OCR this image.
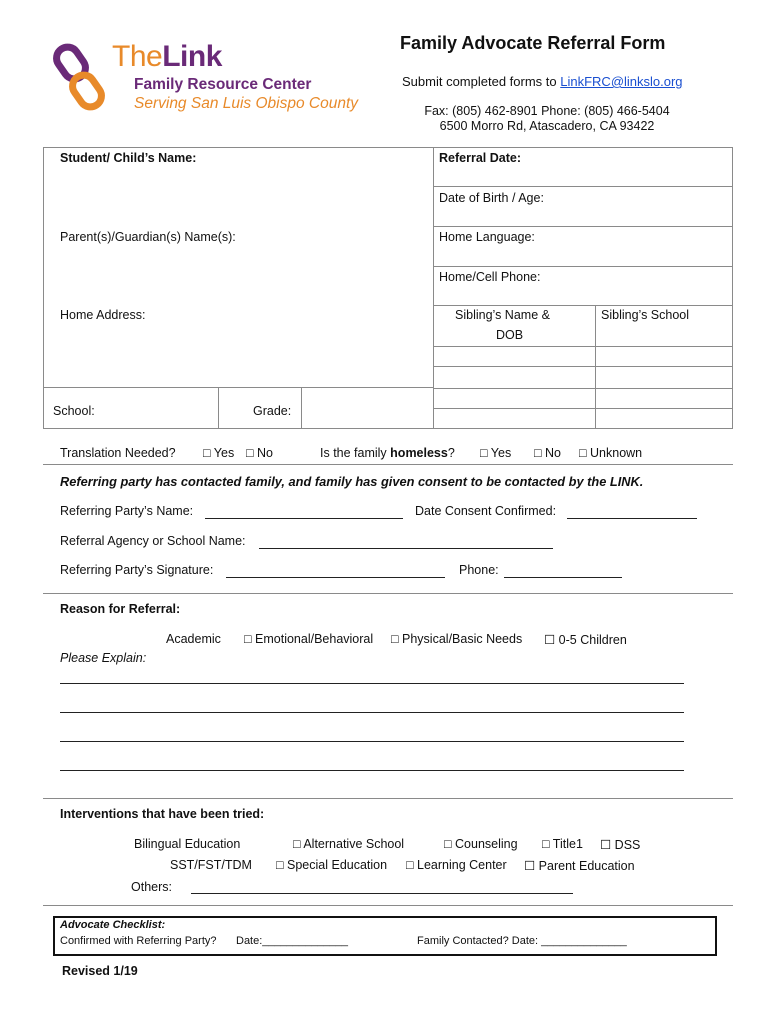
TheLink
Family Resource Center
Serving San Luis Obispo County
Family Advocate Referral Form
Submit completed forms to LinkFRC@linkslo.org
Fax: (805) 462-8901 Phone: (805) 466-5404
6500 Morro Rd, Atascadero, CA 93422
Student/ Child’s Name:	Referral Date:
Date of Birth / Age:
Parent(s)/Guardian(s) Name(s):	Home Language:
Home/Cell Phone:
Home Address:	Sibling’s Name &
DOB
Sibling’s School
School:	Grade:
Translation Needed? □ Yes □ No	Is the family homeless? □ Yes □ No □ Unknown
Referring party has contacted family, and family has given consent to be contacted by the LINK.
Referring Party’s Name:	Date Consent Confirmed:
Referral Agency or School Name:
Referring Party’s Signature:	Phone:
Reason for Referral:
Academic □ Emotional/Behavioral □ Physical/Basic Needs ☐ 0-5 Children
Please Explain:
Interventions that have been tried:
Bilingual Education	□ Alternative School	□ Counseling □ Title1 ☐ DSS
SST/FST/TDM □ Special Education □ Learning Center ☐ Parent Education
Others:
Advocate Checklist:
Confirmed with Referring Party? Date:______________	Family Contacted? Date: ______________
Revised 1/19
